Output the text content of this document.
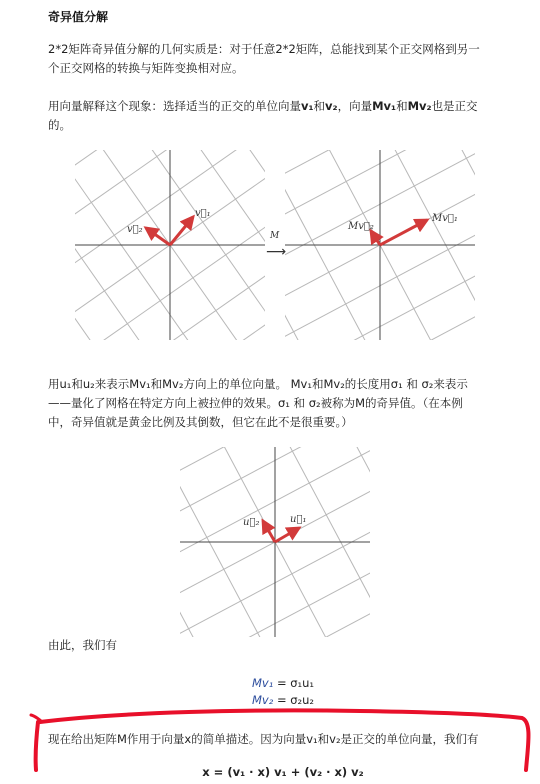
奇异值分解

2*2矩阵奇异值分解的几何实质是：对于任意2*2矩阵，总能找到某个正交网格到另一

个正交网格的转换与矩阵变换相对应。

用向量解释这个现象：选择适当的正交的单位向量v₁和v₂，向量Mv₁和Mv₂也是正交

的。

v⃗₁
v⃗₂
M
⟶
Mv⃗₁
Mv⃗₂

用u₁和u₂来表示Mv₁和Mv₂方向上的单位向量。 Mv₁和Mv₂的长度用σ₁ 和 σ₂来表示

——量化了网格在特定方向上被拉伸的效果。σ₁ 和 σ₂被称为M的奇异值。（在本例

中，奇异值就是黄金比例及其倒数，但它在此不是很重要。）

u⃗₁
u⃗₂
由此，我们有
Mv₁ = σ₁u₁
Mv₂ = σ₂u₂
现在给出矩阵M作用于向量x的简单描述。因为向量v₁和v₂是正交的单位向量，我们有
x = (v₁ · x) v₁ + (v₂ · x) v₂
